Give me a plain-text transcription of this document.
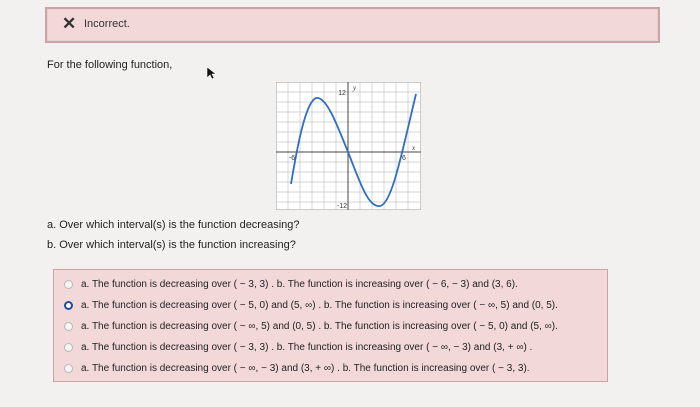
✕ Incorrect.
For the following function,
12
y
-12
-6	6
x
a. Over which interval(s) is the function decreasing?
b. Over which interval(s) is the function increasing?
a. The function is decreasing over ( − 3, 3) . b. The function is increasing over ( − 6, − 3) and (3, 6).
a. The function is decreasing over ( − 5, 0) and (5, ∞) . b. The function is increasing over ( − ∞, 5) and (0, 5).
a. The function is decreasing over ( − ∞, 5) and (0, 5) . b. The function is increasing over ( − 5, 0) and (5, ∞).
a. The function is decreasing over ( − 3, 3) . b. The function is increasing over ( − ∞, − 3) and (3, + ∞) .
a. The function is decreasing over ( − ∞, − 3) and (3, + ∞) . b. The function is increasing over ( − 3, 3).
